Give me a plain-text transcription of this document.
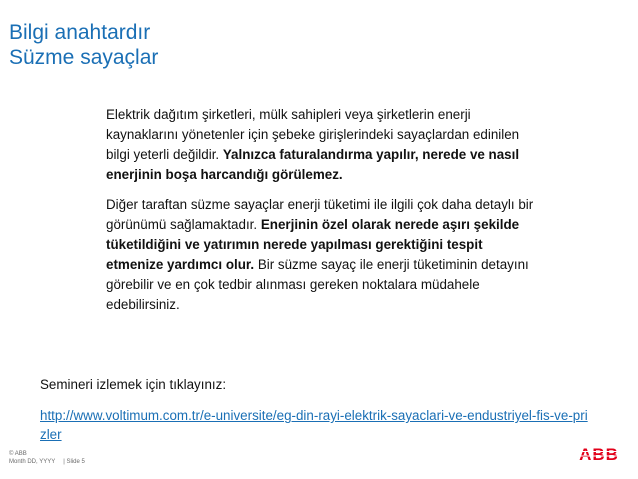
Bilgi anahtardır
Süzme sayaçlar

Elektrik dağıtım şirketleri, mülk sahipleri veya şirketlerin enerji kaynaklarını yönetenler için şebeke girişlerindeki sayaçlardan edinilen bilgi yeterli değildir. Yalnızca faturalandırma yapılır, nerede ve nasıl enerjinin boşa harcandığı görülemez.

Diğer taraftan süzme sayaçlar enerji tüketimi ile ilgili çok daha detaylı bir görünümü sağlamaktadır. Enerjinin özel olarak nerede aşırı şekilde tüketildiğini ve yatırımın nerede yapılması gerektiğini tespit etmenize yardımcı olur. Bir süzme sayaç ile enerji tüketiminin detayını görebilir ve en çok tedbir alınması gereken noktalara müdahele edebilirsiniz.

Semineri izlemek için tıklayınız:
http://www.voltimum.com.tr/e-universite/eg-din-rayi-elektrik-sayaclari-ve-endustriyel-fis-ve-prizler
© ABB
Month DD, YYYY | Slide 5	ABB
